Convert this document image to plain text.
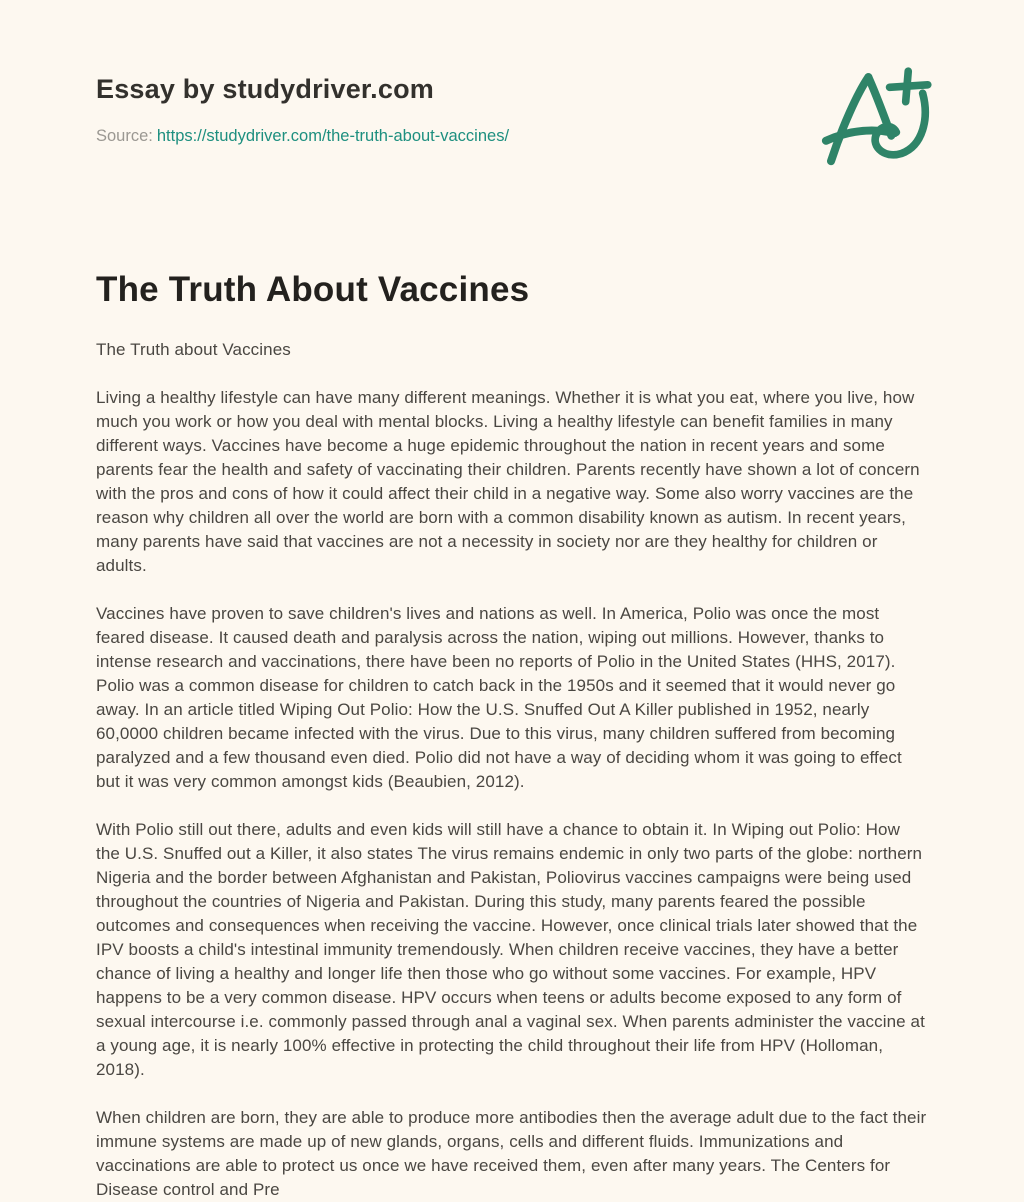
Essay by studydriver.com
Source: https://studydriver.com/the-truth-about-vaccines/
The Truth About Vaccines

The Truth about Vaccines

Living a healthy lifestyle can have many different meanings. Whether it is what you eat, where you live, how much you work or how you deal with mental blocks. Living a healthy lifestyle can benefit families in many different ways. Vaccines have become a huge epidemic throughout the nation in recent years and some parents fear the health and safety of vaccinating their children. Parents recently have shown a lot of concern with the pros and cons of how it could affect their child in a negative way. Some also worry vaccines are the reason why children all over the world are born with a common disability known as autism. In recent years, many parents have said that vaccines are not a necessity in society nor are they healthy for children or adults.

Vaccines have proven to save children's lives and nations as well. In America, Polio was once the most feared disease. It caused death and paralysis across the nation, wiping out millions. However, thanks to intense research and vaccinations, there have been no reports of Polio in the United States (HHS, 2017). Polio was a common disease for children to catch back in the 1950s and it seemed that it would never go away. In an article titled Wiping Out Polio: How the U.S. Snuffed Out A Killer published in 1952, nearly 60,0000 children became infected with the virus. Due to this virus, many children suffered from becoming paralyzed and a few thousand even died. Polio did not have a way of deciding whom it was going to effect but it was very common amongst kids (Beaubien, 2012).

With Polio still out there, adults and even kids will still have a chance to obtain it. In Wiping out Polio: How the U.S. Snuffed out a Killer, it also states The virus remains endemic in only two parts of the globe: northern Nigeria and the border between Afghanistan and Pakistan, Poliovirus vaccines campaigns were being used throughout the countries of Nigeria and Pakistan. During this study, many parents feared the possible outcomes and consequences when receiving the vaccine. However, once clinical trials later showed that the IPV boosts a child's intestinal immunity tremendously. When children receive vaccines, they have a better chance of living a healthy and longer life then those who go without some vaccines. For example, HPV happens to be a very common disease. HPV occurs when teens or adults become exposed to any form of sexual intercourse i.e. commonly passed through anal a vaginal sex. When parents administer the vaccine at a young age, it is nearly 100% effective in protecting the child throughout their life from HPV (Holloman, 2018).

When children are born, they are able to produce more antibodies then the average adult due to the fact their immune systems are made up of new glands, organs, cells and different fluids. Immunizations and vaccinations are able to protect us once we have received them, even after many years. The Centers for Disease control and Pre
